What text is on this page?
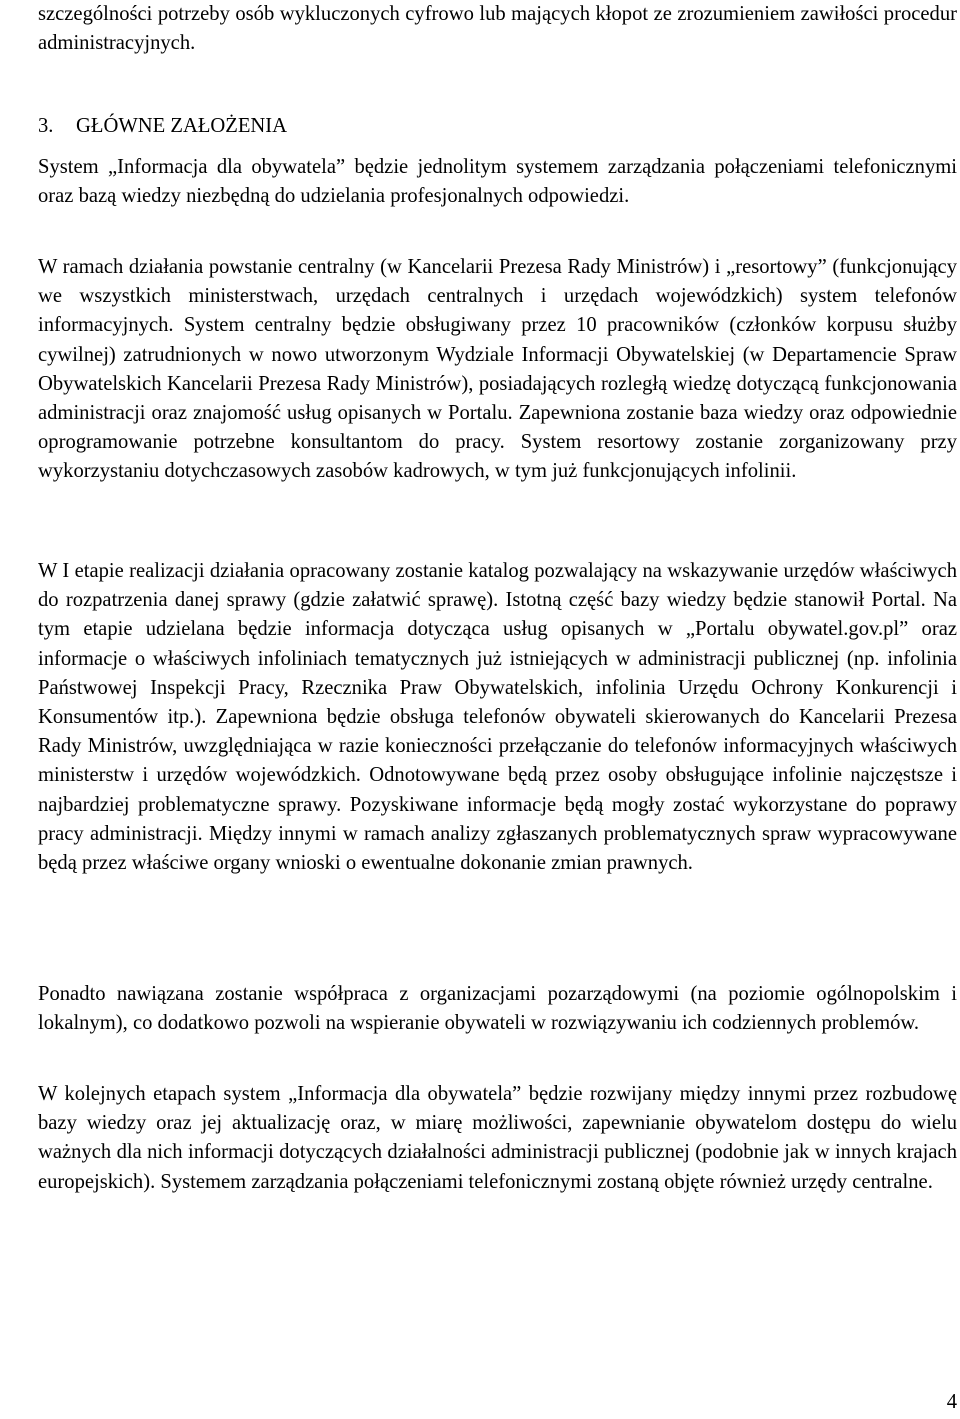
szczególności potrzeby osób wykluczonych cyfrowo lub mających kłopot ze zrozumieniem zawiłości procedur administracyjnych.

3. GŁÓWNE ZAŁOŻENIA

System „Informacja dla obywatela” będzie jednolitym systemem zarządzania połączeniami telefonicznymi oraz bazą wiedzy niezbędną do udzielania profesjonalnych odpowiedzi.

W ramach działania powstanie centralny (w Kancelarii Prezesa Rady Ministrów) i „resortowy” (funkcjonujący we wszystkich ministerstwach, urzędach centralnych i urzędach wojewódzkich) system telefonów informacyjnych. System centralny będzie obsługiwany przez 10 pracowników (członków korpusu służby cywilnej) zatrudnionych w nowo utworzonym Wydziale Informacji Obywatelskiej (w Departamencie Spraw Obywatelskich Kancelarii Prezesa Rady Ministrów), posiadających rozległą wiedzę dotyczącą funkcjonowania administracji oraz znajomość usług opisanych w Portalu. Zapewniona zostanie baza wiedzy oraz odpowiednie oprogramowanie potrzebne konsultantom do pracy. System resortowy zostanie zorganizowany przy wykorzystaniu dotychczasowych zasobów kadrowych, w tym już funkcjonujących infolinii.

W I etapie realizacji działania opracowany zostanie katalog pozwalający na wskazywanie urzędów właściwych do rozpatrzenia danej sprawy (gdzie załatwić sprawę). Istotną część bazy wiedzy będzie stanowił Portal. Na tym etapie udzielana będzie informacja dotycząca usług opisanych w „Portalu obywatel.gov.pl” oraz informacje o właściwych infoliniach tematycznych już istniejących w administracji publicznej (np. infolinia Państwowej Inspekcji Pracy, Rzecznika Praw Obywatelskich, infolinia Urzędu Ochrony Konkurencji i Konsumentów itp.). Zapewniona będzie obsługa telefonów obywateli skierowanych do Kancelarii Prezesa Rady Ministrów, uwzględniająca w razie konieczności przełączanie do telefonów informacyjnych właściwych ministerstw i urzędów wojewódzkich. Odnotowywane będą przez osoby obsługujące infolinie najczęstsze i najbardziej problematyczne sprawy. Pozyskiwane informacje będą mogły zostać wykorzystane do poprawy pracy administracji. Między innymi w ramach analizy zgłaszanych problematycznych spraw wypracowywane będą przez właściwe organy wnioski o ewentualne dokonanie zmian prawnych.

Ponadto nawiązana zostanie współpraca z organizacjami pozarządowymi (na poziomie ogólnopolskim i lokalnym), co dodatkowo pozwoli na wspieranie obywateli w rozwiązywaniu ich codziennych problemów.

W kolejnych etapach system „Informacja dla obywatela” będzie rozwijany między innymi przez rozbudowę bazy wiedzy oraz jej aktualizację oraz, w miarę możliwości, zapewnianie obywatelom dostępu do wielu ważnych dla nich informacji dotyczących działalności administracji publicznej (podobnie jak w innych krajach europejskich). Systemem zarządzania połączeniami telefonicznymi zostaną objęte również urzędy centralne.

4
